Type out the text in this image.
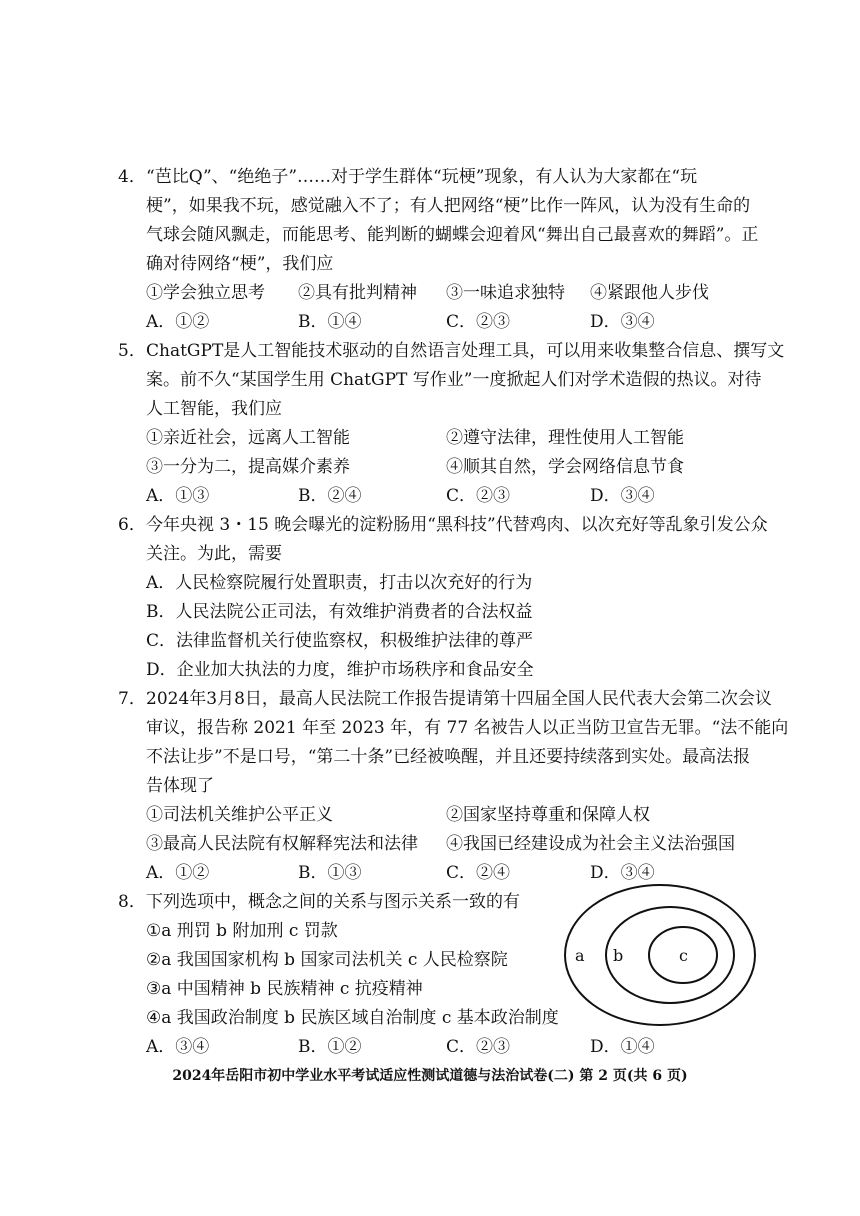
4． “芭比Q”、“绝绝子”……对于学生群体“玩梗”现象，有人认为大家都在“玩
梗”，如果我不玩，感觉融入不了；有人把网络“梗”比作一阵风，认为没有生命的
气球会随风飘走，而能思考、能判断的蝴蝶会迎着风“舞出自己最喜欢的舞蹈”。正
确对待网络“梗”，我们应
①学会独立思考 ②具有批判精神 ③一味追求独特 ④紧跟他人步伐
A．①②	B．①④	C．②③	D．③④
5． ChatGPT是人工智能技术驱动的自然语言处理工具，可以用来收集整合信息、撰写文
案。前不久“某国学生用 ChatGPT 写作业”一度掀起人们对学术造假的热议。对待
人工智能，我们应
①亲近社会，远离人工智能	②遵守法律，理性使用人工智能
③一分为二，提高媒介素养	④顺其自然，学会网络信息节食
A．①③	B．②④	C．②③	D．③④
6． 今年央视 3・15 晚会曝光的淀粉肠用“黑科技”代替鸡肉、以次充好等乱象引发公众
关注。为此，需要
A．人民检察院履行处置职责，打击以次充好的行为
B．人民法院公正司法，有效维护消费者的合法权益
C．法律监督机关行使监察权，积极维护法律的尊严
D．企业加大执法的力度，维护市场秩序和食品安全
7． 2024年3月8日，最高人民法院工作报告提请第十四届全国人民代表大会第二次会议
审议，报告称 2021 年至 2023 年，有 77 名被告人以正当防卫宣告无罪。“法不能向
不法让步”不是口号，“第二十条”已经被唤醒，并且还要持续落到实处。最高法报
告体现了
①司法机关维护公平正义	②国家坚持尊重和保障人权
③最高人民法院有权解释宪法和法律 ④我国已经建设成为社会主义法治强国
A．①②	B．①③	C．②④	D．③④
8． 下列选项中，概念之间的关系与图示关系一致的有
①a 刑罚 b 附加刑 c 罚款
②a 我国国家机构 b 国家司法机关 c 人民检察院
③a 中国精神 b 民族精神 c 抗疫精神
④a 我国政治制度 b 民族区域自治制度 c 基本政治制度
A．③④	B．①②	C．②③	D．①④
a b	c
2024年岳阳市初中学业水平考试适应性测试道德与法治试卷(二) 第 2 页(共 6 页)
